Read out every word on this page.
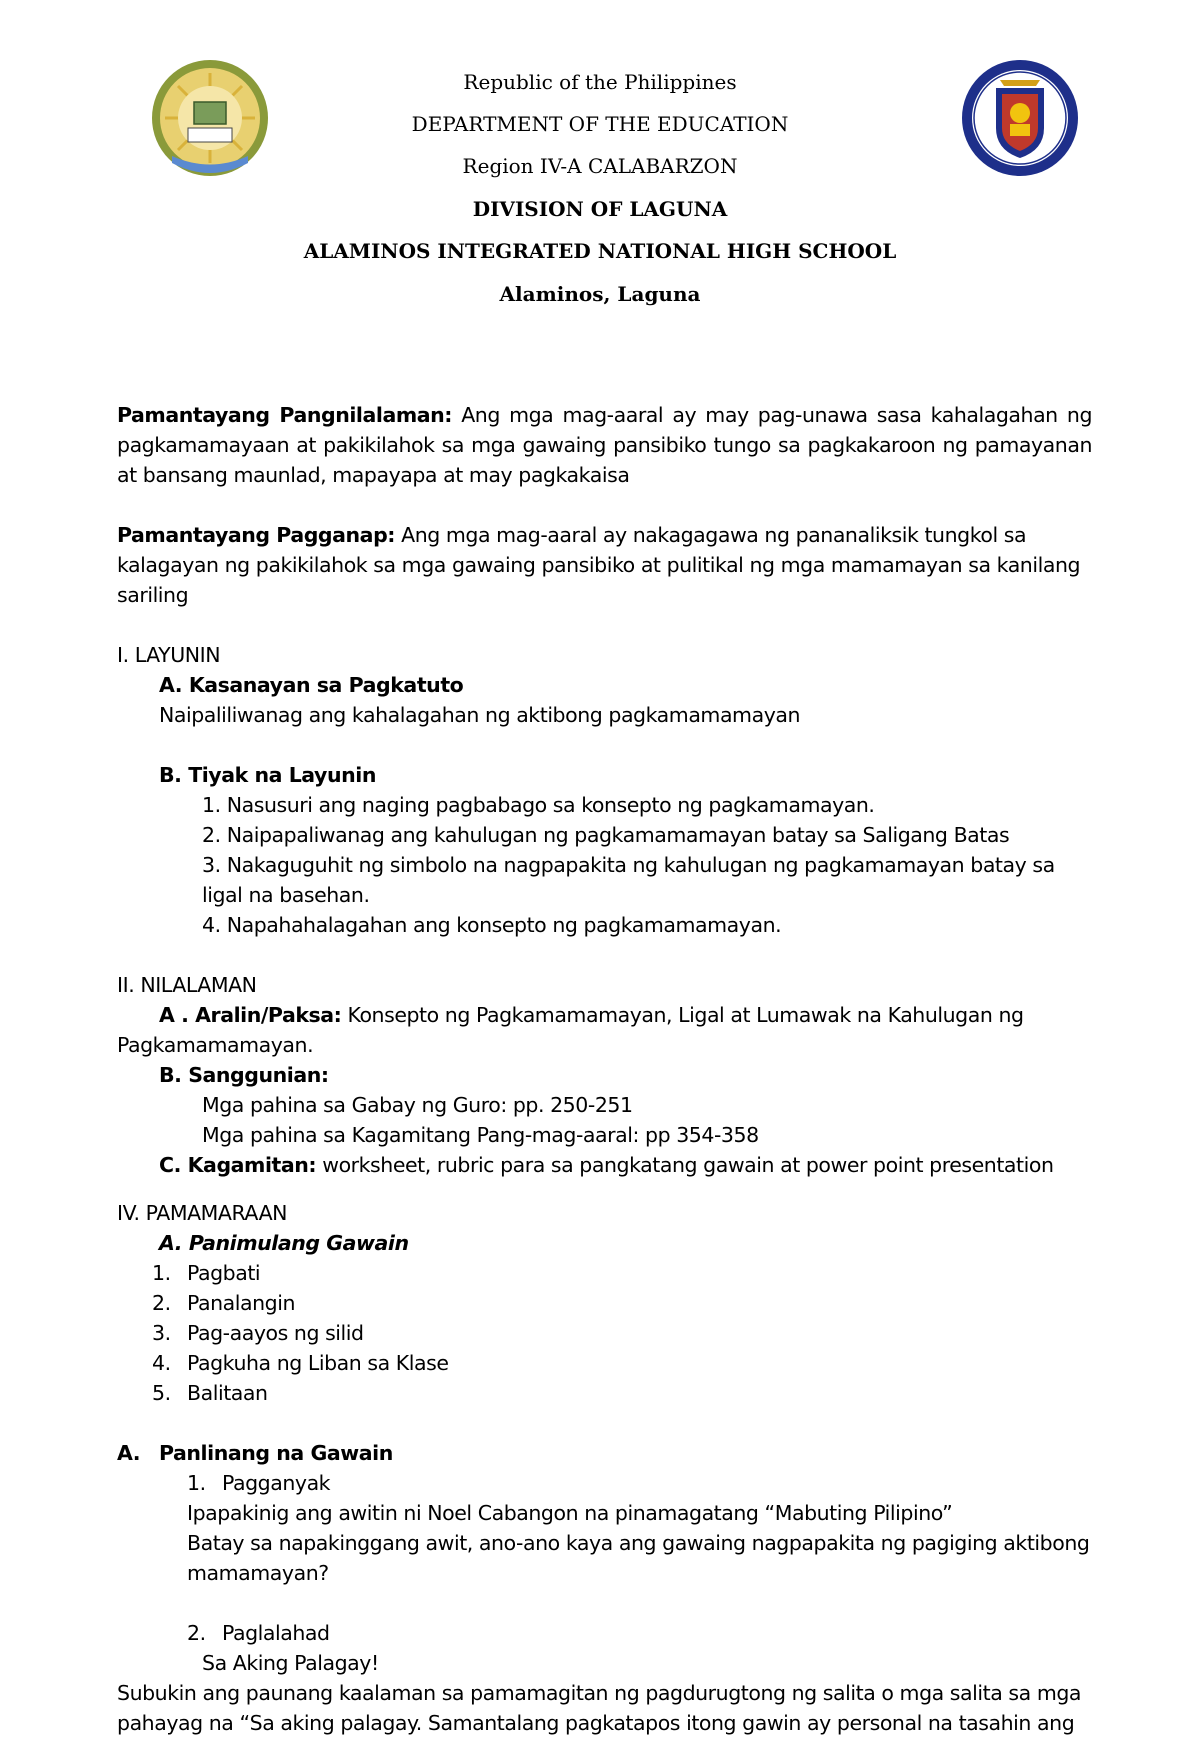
Republic of the Philippines
DEPARTMENT OF THE EDUCATION
Region IV-A CALABARZON
DIVISION OF LAGUNA
ALAMINOS INTEGRATED NATIONAL HIGH SCHOOL
Alaminos, Laguna

Pamantayang Pangnilalaman: Ang mga mag-aaral ay may pag-unawa sasa kahalagahan ng pagkamamayaan at pakikilahok sa mga gawaing pansibiko tungo sa pagkakaroon ng pamayanan at bansang maunlad, mapayapa at may pagkakaisa

Pamantayang Pagganap: Ang mga mag-aaral ay nakagagawa ng pananaliksik tungkol sa kalagayan ng pakikilahok sa mga gawaing pansibiko at pulitikal ng mga mamamayan sa kanilang sariling

I. LAYUNIN

A. Kasanayan sa Pagkatuto

Naipaliliwanag ang kahalagahan ng aktibong pagkamamamayan

B. Tiyak na Layunin

1. Nasusuri ang naging pagbabago sa konsepto ng pagkamamayan.

2. Naipapaliwanag ang kahulugan ng pagkamamamayan batay sa Saligang Batas

3. Nakaguguhit ng simbolo na nagpapakita ng kahulugan ng pagkamamayan batay sa ligal na basehan.

4. Napahahalagahan ang konsepto ng pagkamamamayan.

II. NILALAMAN

A . Aralin/Paksa: Konsepto ng Pagkamamamayan, Ligal at Lumawak na Kahulugan ng

Pagkamamamayan.

B. Sanggunian:

Mga pahina sa Gabay ng Guro: pp. 250-251

Mga pahina sa Kagamitang Pang-mag-aaral: pp 354-358

C. Kagamitan: worksheet, rubric para sa pangkatang gawain at power point presentation

IV. PAMAMARAAN

A. Panimulang Gawain

1. Pagbati

2. Panalangin

3. Pag-aayos ng silid

4. Pagkuha ng Liban sa Klase

5. Balitaan

A. Panlinang na Gawain

1. Pagganyak

Ipapakinig ang awitin ni Noel Cabangon na pinamagatang “Mabuting Pilipino”

Batay sa napakinggang awit, ano-ano kaya ang gawaing nagpapakita ng pagiging aktibong mamamayan?

2. Paglalahad

Sa Aking Palagay!

Subukin ang paunang kaalaman sa pamamagitan ng pagdurugtong ng salita o mga salita sa mga pahayag na “Sa aking palagay. Samantalang pagkatapos itong gawin ay personal na tasahin ang
